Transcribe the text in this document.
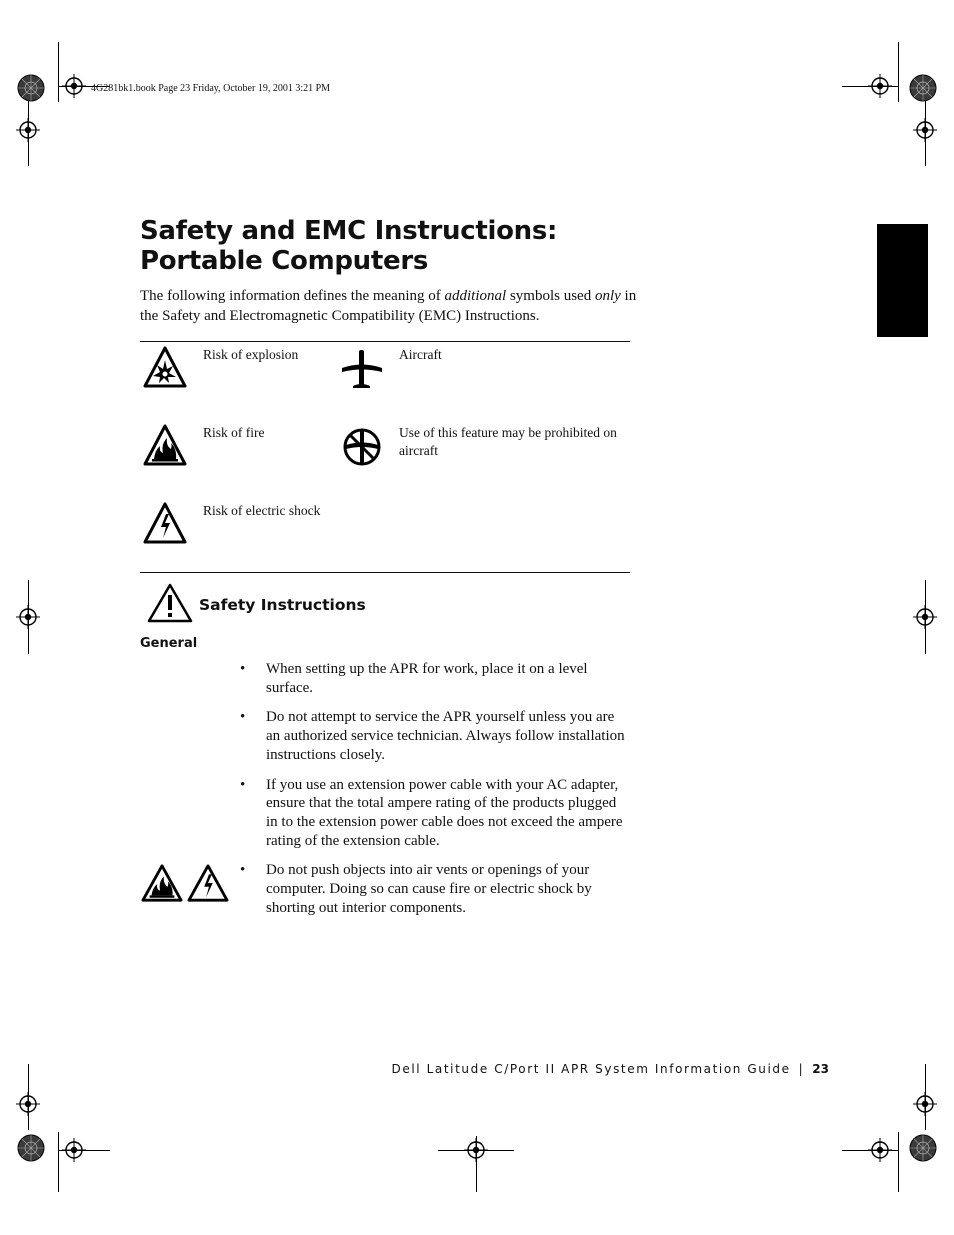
4G281bk1.book Page 23 Friday, October 19, 2001 3:21 PM
Safety and EMC Instructions: Portable Computers
The following information defines the meaning of additional symbols used only in the Safety and Electromagnetic Compatibility (EMC) Instructions.
Risk of explosion	Aircraft
Risk of fire	Use of this feature may be prohibited on aircraft
Risk of electric shock
Safety Instructions
General
• When setting up the APR for work, place it on a level surface.
• Do not attempt to service the APR yourself unless you are an authorized service technician. Always follow installation instructions closely.
• If you use an extension power cable with your AC adapter, ensure that the total ampere rating of the products plugged in to the extension power cable does not exceed the ampere rating of the extension cable.
• Do not push objects into air vents or openings of your computer. Doing so can cause fire or electric shock by shorting out interior components.
Dell Latitude C/Port II APR System Information Guide | 23
